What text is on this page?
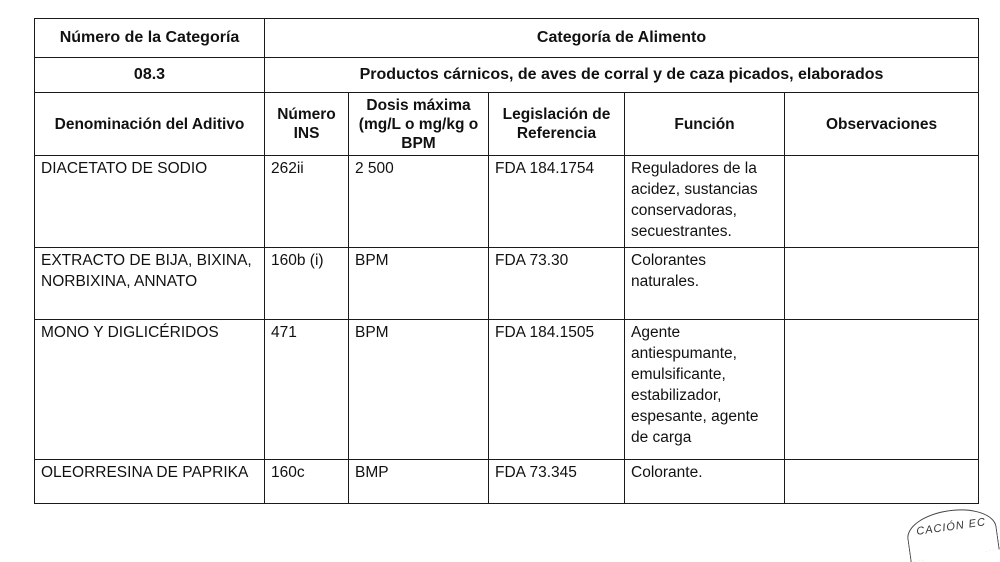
Número de la Categoría	Categoría de Alimento				
08.3	Productos cárnicos, de aves de corral y de caza picados, elaborados				
Denominación del Aditivo	Número INS	Dosis máxima (mg/L o mg/kg o BPM	Legislación de Referencia	Función	Observaciones
DIACETATO DE SODIO	262ii	2 500	FDA 184.1754	Reguladores de la acidez, sustancias conservadoras, secuestrantes.	
EXTRACTO DE BIJA, BIXINA, NORBIXINA, ANNATO	160b (i)	BPM	FDA 73.30	Colorantes naturales.	
MONO Y DIGLICÉRIDOS	471	BPM	FDA 184.1505	Agente antiespumante, emulsificante, estabilizador, espesante, agente de carga	
OLEORRESINA DE PAPRIKA	160c	BMP	FDA 73.345	Colorante.	
CACIÓN EC
